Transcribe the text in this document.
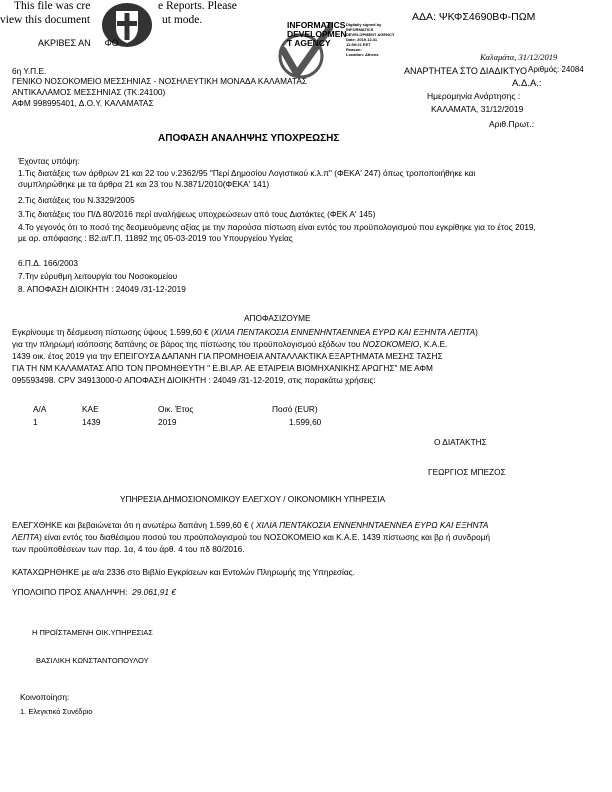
This file was cre	e Reports. Please
view this document	ut mode.
ΑΚΡΙΒΕΣ ΑΝ ΦΟ
INFORMATICS
DEVELOPMEN
T AGENCY
Digitally signed by
INFORMATICS
DEVELOPMENT AGENCY
Date: 2019.12.31
11:59:21 EET
Reason:
Location: Athens
ΑΔΑ: ΨΚΦΣ4690ΒΦ-ΠΩΜ
Καλαμάτα, 31/12/2019
ΑΝΑΡΤΗΤΕΑ ΣΤΟ ΔΙΑΔΙΚΤΥΟ Αριθμός: 24084
Α.Δ.Α.:
Ημερομηνία Ανάρτησης :
ΚΑΛΑΜΑΤΑ, 31/12/2019
Αριθ.Πρωτ.:
6η Υ.Π.Ε.
ΓΕΝΙΚΟ ΝΟΣΟΚΟΜΕΙΟ ΜΕΣΣΗΝΙΑΣ - ΝΟΣΗΛΕΥΤΙΚΗ ΜΟΝΑΔΑ ΚΑΛΑΜΑΤΑΣ
ΑΝΤΙΚΑΛΑΜΟΣ ΜΕΣΣΗΝΙΑΣ (ΤΚ.24100)
ΑΦΜ 998995401, Δ.Ο.Υ. ΚΑΛΑΜΑΤΑΣ
ΑΠΟΦΑΣΗ ΑΝΑΛΗΨΗΣ ΥΠΟΧΡΕΩΣΗΣ
Έχοντας υπόψη:
1.Τις διατάξεις των άρθρων 21 και 22 του ν.2362/95 "Περί Δημοσίου Λογιστικού κ.λ.π" (ΦΕΚΑ' 247) όπως τροποποιήθηκε και συμπληρώθηκε με τα άρθρα 21 και 23 του Ν.3871/2010(ΦΕΚΑ' 141)
2.Τις διατάξεις του Ν.3329/2005
3.Τις διατάξεις του Π/Δ 80/2016 περί αναλήψεως υποχρεώσεων από τους Διατάκτες (ΦΕΚ Α' 145)
4.Το γεγονός ότι το ποσό της δεσμευόμενης αξίας με την παρούσα πίστωση είναι εντός του προϋπολογισμού που εγκρίθηκε για το έτος 2019, με αρ. απόφασης : Β2.α/Γ.Π. 11892 της 05-03-2019 του Υπουργείου Υγείας
6.Π.Δ. 166/2003
7.Την εύρυθμη λειτουργία του Νοσοκομείου
8. ΑΠΟΦΑΣΗ ΔΙΟΙΚΗΤΗ : 24049 /31-12-2019
ΑΠΟΦΑΣΙΖΟΥΜΕ
Εγκρίνουμε τη δέσμευση πίστωσης ύψους 1.599,60 € (ΧΙΛΙΑ ΠΕΝΤΑΚΟΣΙΑ ΕΝΝΕΝΗΝΤΑΕΝΝΕΑ ΕΥΡΩ ΚΑΙ ΕΞΗΝΤΑ ΛΕΠΤΑ)
για την πληρωμή ισόποσης δαπάνης σε βάρος της πίστωσης του προϋπολογισμού εξόδων του ΝΟΣΟΚΟΜΕΙΟ, Κ.Α.Ε.
1439 οικ. έτος 2019 για την ΕΠΕΙΓΟΥΣΑ ΔΑΠΑΝΗ ΓΙΑ ΠΡΟΜΗΘΕΙΑ ΑΝΤΑΛΛΑΚΤΙΚΑ ΕΞΑΡΤΗΜΑΤΑ ΜΕΣΗΣ ΤΑΣΗΣ
ΓΙΑ ΤΗ ΝΜ ΚΑΛΑΜΑΤΑΣ ΑΠΟ ΤΟΝ ΠΡΟΜΗΘΕΥΤΗ " Ε.ΒΙ.ΑΡ. ΑΕ ΕΤΑΙΡΕΙΑ ΒΙΟΜΗΧΑΝΙΚΗΣ ΑΡΩΓΗΣ" ΜΕ ΑΦΜ
095593498. CPV 34913000-0 ΑΠΟΦΑΣΗ ΔΙΟΙΚΗΤΗ : 24049 /31-12-2019, στις παρακάτω χρήσεις:
Α/Α	ΚΑΕ	Οικ. Έτος	Ποσό (EUR)
1	1439	2019	1.599,60
Ο ΔΙΑΤΑΚΤΗΣ
ΓΕΩΡΓΙΟΣ ΜΠΕΖΟΣ
ΥΠΗΡΕΣΙΑ ΔΗΜΟΣΙΟΝΟΜΙΚΟΥ ΕΛΕΓΧΟΥ / ΟΙΚΟΝΟΜΙΚΗ ΥΠΗΡΕΣΙΑ
ΕΛΕΓΧΘΗΚΕ και βεβαιώνεται ότι η ανωτέρω δαπάνη 1.599,60 € ( ΧΙΛΙΑ ΠΕΝΤΑΚΟΣΙΑ ΕΝΝΕΝΗΝΤΑΕΝΝΕΑ ΕΥΡΩ ΚΑΙ ΕΞΗΝΤΑ
ΛΕΠΤΑ) είναι εντός του διαθέσιμου ποσού του προϋπολογισμού του ΝΟΣΟΚΟΜΕΙΟ και Κ.Α.Ε. 1439 πίστωσης και βρ ή συνδρομή
των προϋποθέσεων των παρ. 1α, 4 του άρθ. 4 του πδ 80/2016.
ΚΑΤΑΧΩΡΗΘΗΚΕ με α/α 2336 στο Βιβλίο Εγκρίσεων και Εντολών Πληρωμής της Υπηρεσίας.
ΥΠΟΛΟΙΠΟ ΠΡΟΣ ΑΝΑΛΗΨΗ: 29.061,91 €
Η ΠΡΟΪΣΤΑΜΕΝΗ ΟΙΚ.ΥΠΗΡΕΣΙΑΣ
ΒΑΣΙΛΙΚΗ ΚΩΝΣΤΑΝΤΟΠΟΥΛΟΥ
Κοινοποίηση:
1. Ελεγκτικό Συνέδριο
